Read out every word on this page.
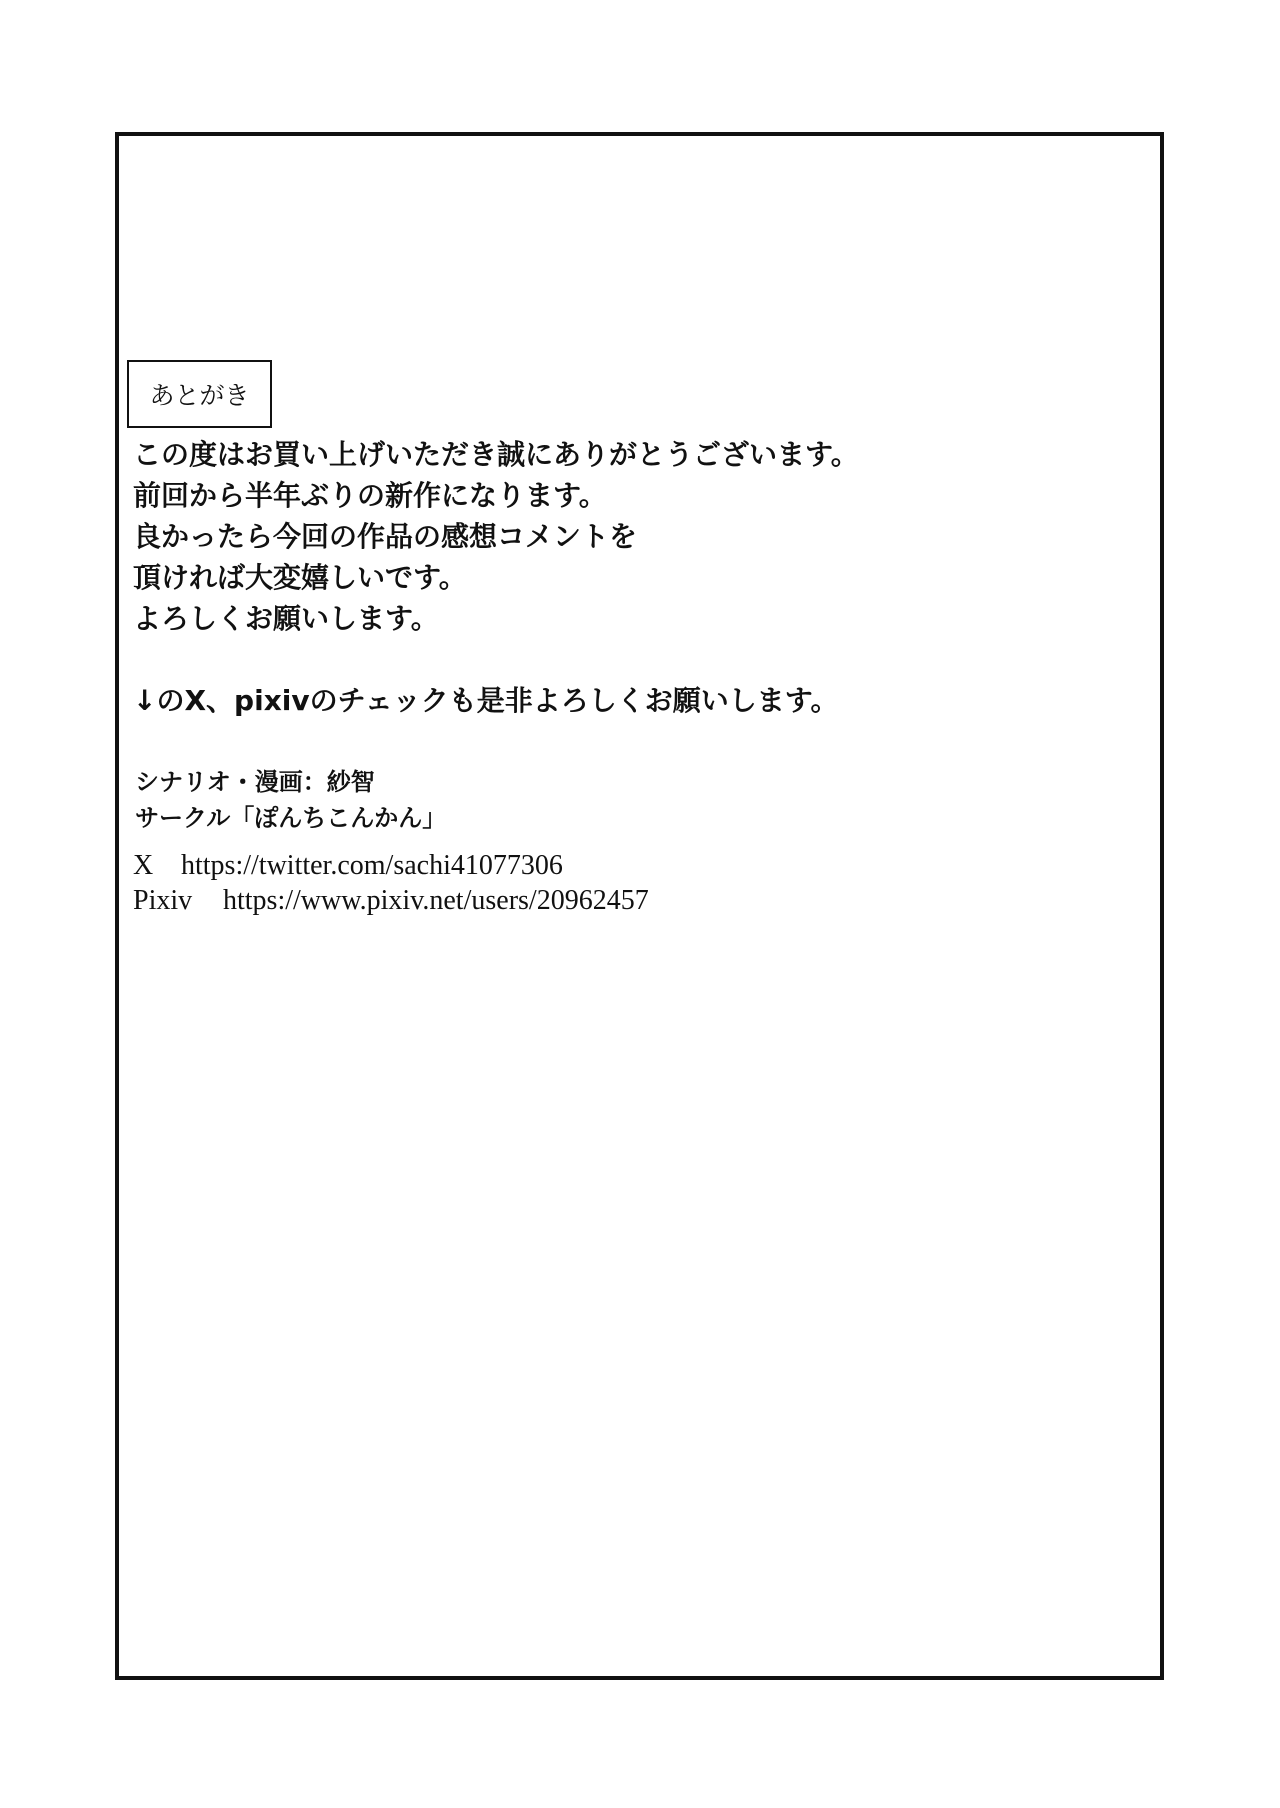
あとがき
この度はお買い上げいただき誠にありがとうございます。
前回から半年ぶりの新作になります。
良かったら今回の作品の感想コメントを
頂ければ大変嬉しいです。
よろしくお願いします。
↓のX、pixivのチェックも是非よろしくお願いします。
シナリオ・漫画：紗智
サークル「ぽんちこんかん」
X https://twitter.com/sachi41077306
Pixiv	https://www.pixiv.net/users/20962457
